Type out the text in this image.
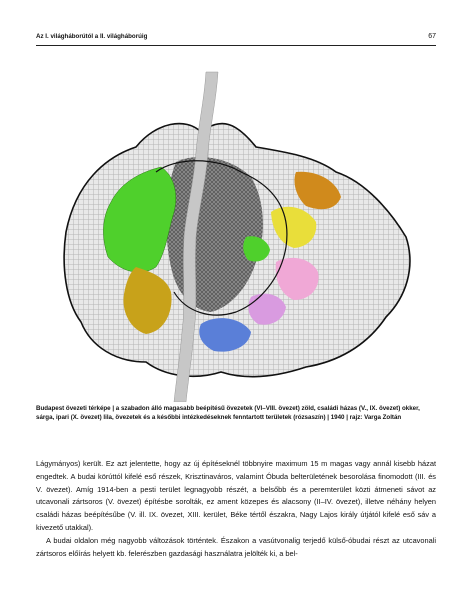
Az I. világháborútól a II. világháborúig	67
Budapest övezeti térképe | a szabadon álló magasabb beépítésű övezetek (VI–VIII. övezet) zöld, családi házas (V., IX. övezet) okker, sárga, ipari (X. övezet) lila, övezetek és a későbbi intézkedéseknek fenntartott területek (rózsaszín) | 1940 | rajz: Varga Zoltán

Lágymányos) került. Ez azt jelentette, hogy az új építéseknél többnyire maximum 15 m magas vagy annál kisebb házat engedtek. A budai körúttól kifelé eső részek, Krisztinaváros, valamint Óbuda belterületének besorolása finomodott (III. és V. övezet). Amíg 1914-ben a pesti terület legnagyobb részét, a belsőbb és a peremterület közti átmeneti sávot az utcavonali zártsoros (V. övezet) építésbe sorolták, ez ament közepes és alacsony (II–IV. övezet), illetve néhány helyen családi házas beépítésűbe (V. ill. IX. övezet, XIII. kerület, Béke tértől északra, Nagy Lajos király útjától kifelé eső sáv a kivezető utakkal).

A budai oldalon még nagyobb változások történtek. Északon a vasútvonalig terjedő külső-óbudai részt az utcavonali zártsoros előírás helyett kb. felerészben gazdasági használatra jelölték ki, a bel-
